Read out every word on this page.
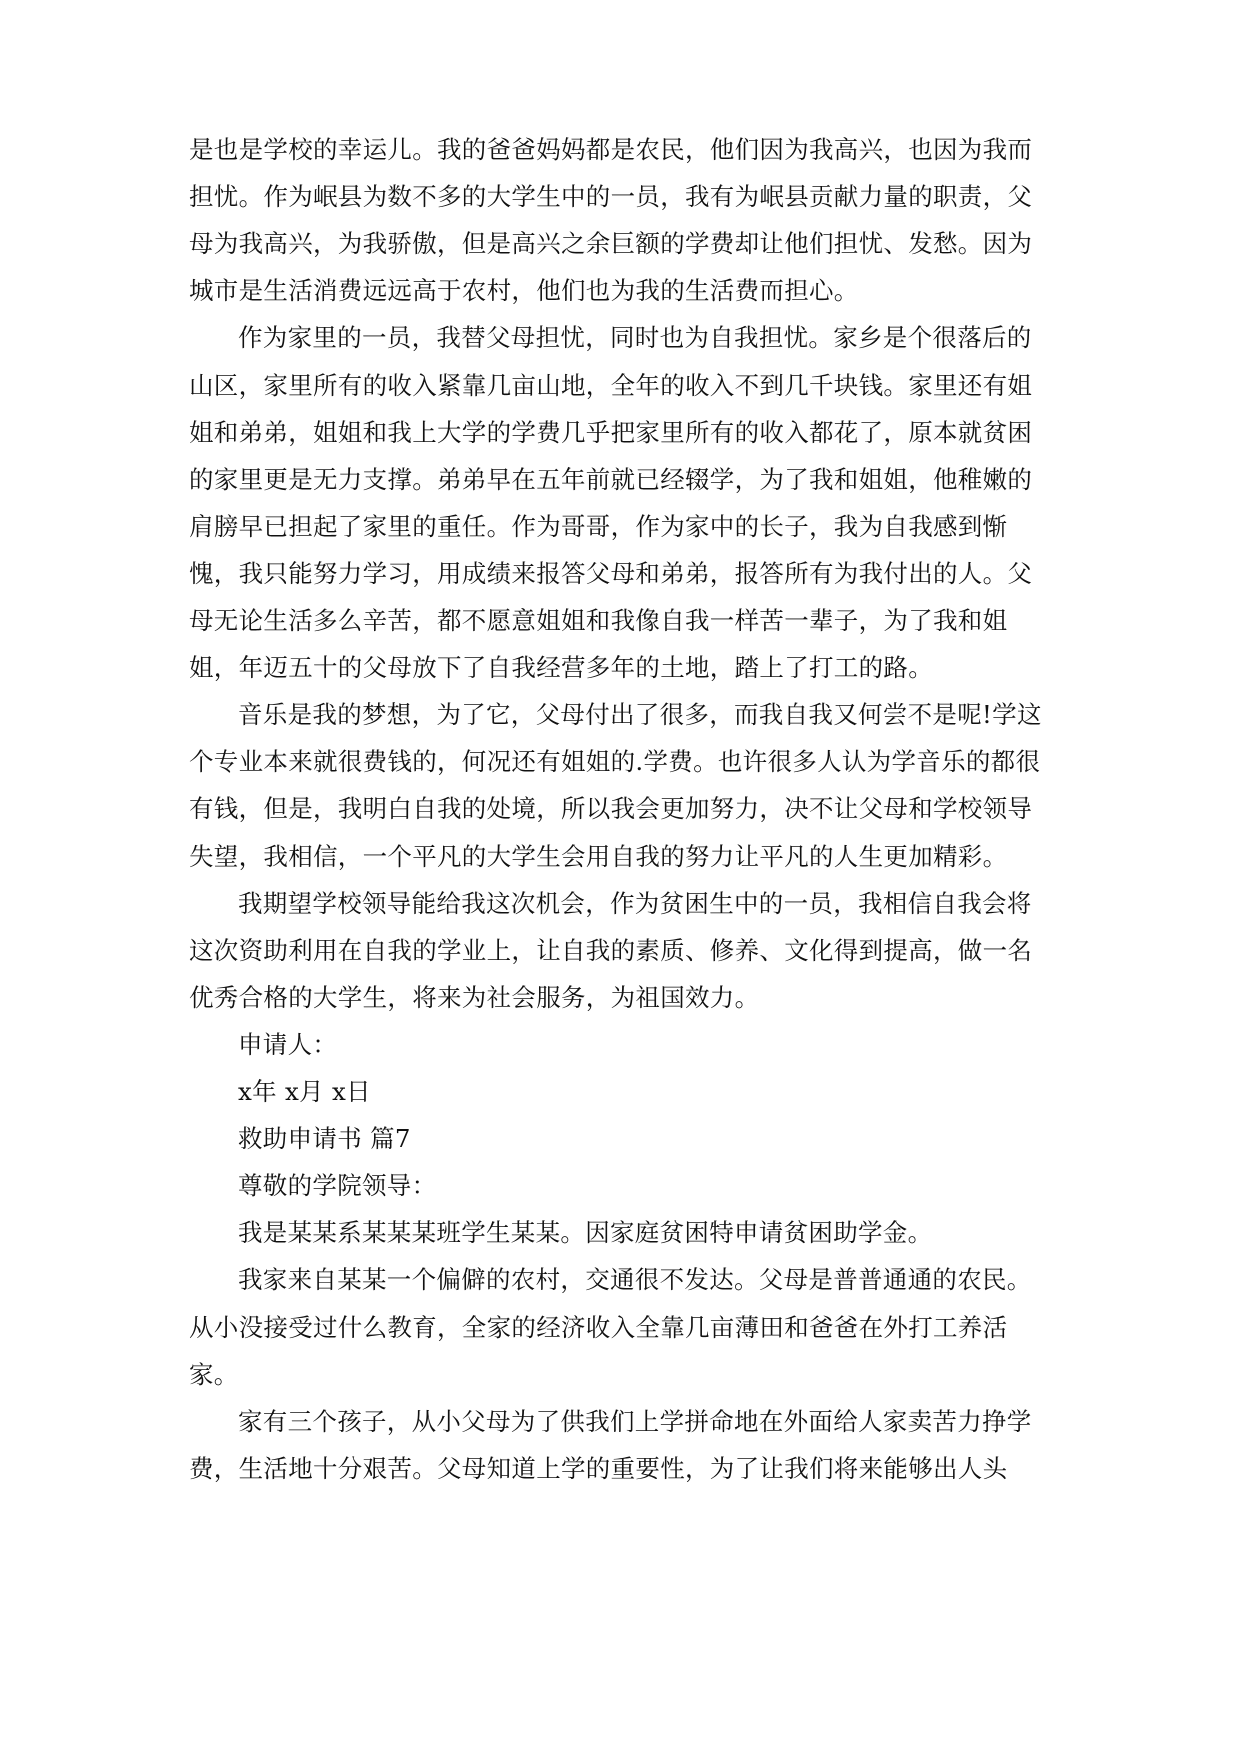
是也是学校的幸运儿。我的爸爸妈妈都是农民，他们因为我高兴，也因为我而
担忧。作为岷县为数不多的大学生中的一员，我有为岷县贡献力量的职责，父
母为我高兴，为我骄傲，但是高兴之余巨额的学费却让他们担忧、发愁。因为
城市是生活消费远远高于农村，他们也为我的生活费而担心。
作为家里的一员，我替父母担忧，同时也为自我担忧。家乡是个很落后的
山区，家里所有的收入紧靠几亩山地，全年的收入不到几千块钱。家里还有姐
姐和弟弟，姐姐和我上大学的学费几乎把家里所有的收入都花了，原本就贫困
的家里更是无力支撑。弟弟早在五年前就已经辍学，为了我和姐姐，他稚嫩的
肩膀早已担起了家里的重任。作为哥哥，作为家中的长子，我为自我感到惭
愧，我只能努力学习，用成绩来报答父母和弟弟，报答所有为我付出的人。父
母无论生活多么辛苦，都不愿意姐姐和我像自我一样苦一辈子，为了我和姐
姐，年迈五十的父母放下了自我经营多年的土地，踏上了打工的路。
音乐是我的梦想，为了它，父母付出了很多，而我自我又何尝不是呢!学这
个专业本来就很费钱的，何况还有姐姐的.学费。也许很多人认为学音乐的都很
有钱，但是，我明白自我的处境，所以我会更加努力，决不让父母和学校领导
失望，我相信，一个平凡的大学生会用自我的努力让平凡的人生更加精彩。
我期望学校领导能给我这次机会，作为贫困生中的一员，我相信自我会将
这次资助利用在自我的学业上，让自我的素质、修养、文化得到提高，做一名
优秀合格的大学生，将来为社会服务，为祖国效力。
申请人：
x年 x月 x日
救助申请书 篇7
尊敬的学院领导：
我是某某系某某某班学生某某。因家庭贫困特申请贫困助学金。
我家来自某某一个偏僻的农村，交通很不发达。父母是普普通通的农民。
从小没接受过什么教育，全家的经济收入全靠几亩薄田和爸爸在外打工养活
家。
家有三个孩子，从小父母为了供我们上学拼命地在外面给人家卖苦力挣学
费，生活地十分艰苦。父母知道上学的重要性，为了让我们将来能够出人头
